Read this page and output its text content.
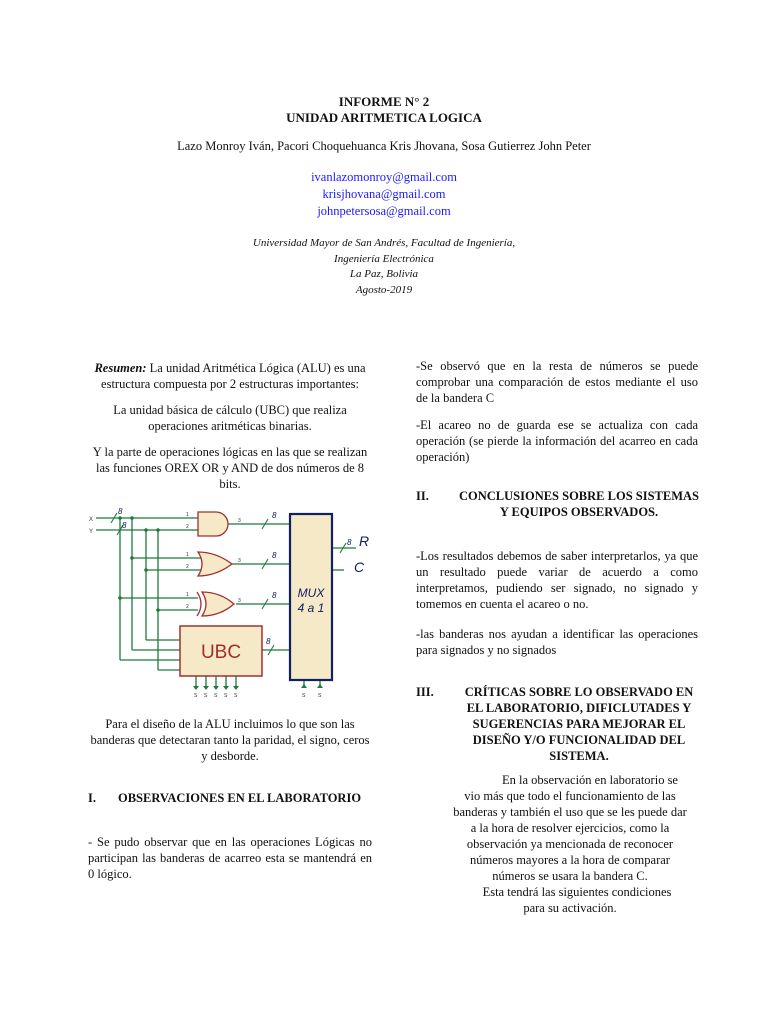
INFORME N° 2
UNIDAD ARITMETICA LOGICA
Lazo Monroy Iván, Pacori Choquehuanca Kris Jhovana, Sosa Gutierrez John Peter
ivanlazomonroy@gmail.com
krisjhovana@gmail.com
johnpetersosa@gmail.com
Universidad Mayor de San Andrés, Facultad de Ingeniería,
Ingeniería Electrónica
La Paz, Bolivia
Agosto-2019
Resumen: La unidad Aritmética Lógica (ALU) es una
estructura compuesta por 2 estructuras importantes:
La unidad básica de cálculo (UBC) que realiza
operaciones aritméticas binarias.
Y la parte de operaciones lógicas en las que se realizan
las funciones OREX OR y AND de dos números de 8
bits.
UBC
MUX
4 a 1
R
C
X
Y
8
8
8
8
8
8
8
1
2
3
1
2
3
1
2
3
S S S S S	S	S
Para el diseño de la ALU incluimos lo que son las banderas que detectaran tanto la paridad, el signo, ceros y desborde.
I. OBSERVACIONES EN EL LABORATORIO
- Se pudo observar que en las operaciones Lógicas no participan las banderas de acarreo esta se mantendrá en 0 lógico.
-Se observó que en la resta de números se puede comprobar una comparación de estos mediante el uso de la bandera C
-El acareo no de guarda ese se actualiza con cada operación (se pierde la información del acarreo en cada operación)
II.	CONCLUSIONES SOBRE LOS SISTEMAS
Y EQUIPOS OBSERVADOS.
-Los resultados debemos de saber interpretarlos, ya que un resultado puede variar de acuerdo a como interpretamos, pudiendo ser signado, no signado y tomemos en cuenta el acareo o no.
-las banderas nos ayudan a identificar las operaciones para signados y no signados
III.	CRÍTICAS SOBRE LO OBSERVADO EN
EL LABORATORIO, DIFICLUTADES Y
SUGERENCIAS PARA MEJORAR EL
DISEÑO Y/O FUNCIONALIDAD DEL
SISTEMA.
En la observación en laboratorio se
vio más que todo el funcionamiento de las
banderas y también el uso que se les puede dar
a la hora de resolver ejercicios, como la
observación ya mencionada de reconocer
números mayores a la hora de comparar
números se usara la bandera C.
Esta tendrá las siguientes condiciones
para su activación.
